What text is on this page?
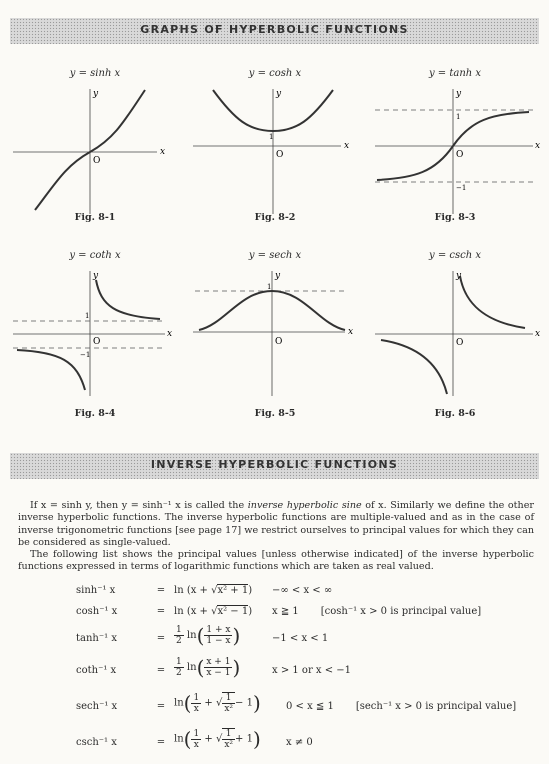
GRAPHS OF HYPERBOLIC FUNCTIONS
y = sinh x
x
y
O
Fig. 8-1
y = cosh x
x
y
1
O
Fig. 8-2
y = tanh x
x
y
1
−1
O
Fig. 8-3
y = coth x
x
y
1
−1
O
Fig. 8-4
y = sech x
x
y
1
O
Fig. 8-5
y = csch x
x
y
O
Fig. 8-6
INVERSE HYPERBOLIC FUNCTIONS
If x = sinh y, then y = sinh⁻¹ x is called the inverse hyperbolic sine of x. Similarly we define the other inverse hyperbolic functions. The inverse hyperbolic functions are multiple-valued and as in the case of inverse trigonometric functions [see page 17] we restrict ourselves to principal values for which they can be considered as single-valued.
The following list shows the principal values [unless otherwise indicated] of the inverse hyperbolic functions expressed in terms of logarithmic functions which are taken as real valued.
sinh⁻¹ x	= ln (x + √x² + 1)	−∞ < x < ∞
cosh⁻¹ x	= ln (x + √x² − 1)	x ≧ 1 [cosh⁻¹ x > 0 is principal value]
tanh⁻¹ x	= $\frac{1}{2} \ln( \frac{1 + x}{1 - x}$ )	−1 < x < 1
coth⁻¹ x	= $\frac{1}{2} \ln( \frac{x + 1}{x - 1}$ )	x > 1 or x < −1
sech⁻¹ x	= $\ln( \frac{1}{x}$ + √ $\frac{1}{\text{x²}} - 1$)	0 < x ≦ 1 [sech⁻¹ x > 0 is principal value]
csch⁻¹ x	= $\ln( \frac{1}{x}$ + √ $\frac{1}{\text{x²}} + 1$)	x ≠ 0
